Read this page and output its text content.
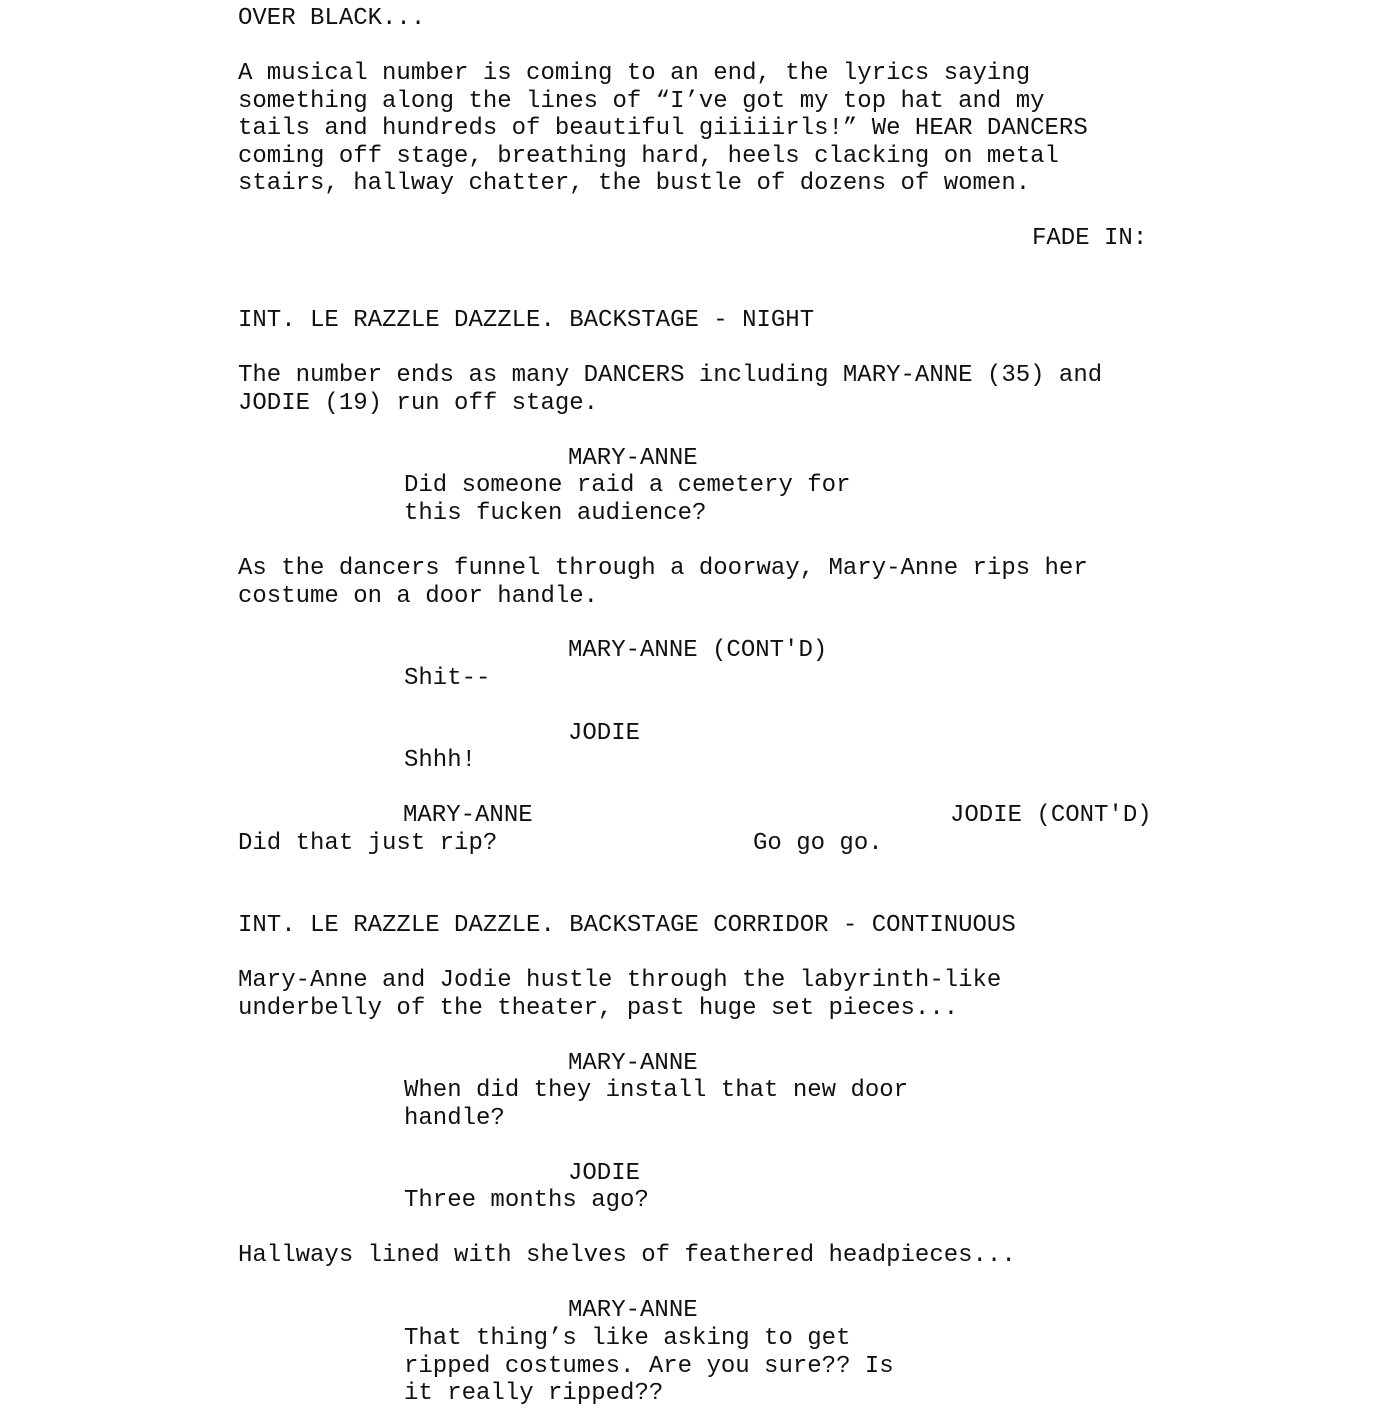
OVER BLACK...
A musical number is coming to an end, the lyrics saying
something along the lines of “I’ve got my top hat and my
tails and hundreds of beautiful giiiiirls!” We HEAR DANCERS
coming off stage, breathing hard, heels clacking on metal
stairs, hallway chatter, the bustle of dozens of women.
FADE IN:
INT. LE RAZZLE DAZZLE. BACKSTAGE - NIGHT
The number ends as many DANCERS including MARY-ANNE (35) and
JODIE (19) run off stage.
MARY-ANNE
Did someone raid a cemetery for
this fucken audience?
As the dancers funnel through a doorway, Mary-Anne rips her
costume on a door handle.
MARY-ANNE (CONT'D)
Shit--
JODIE
Shhh!
MARY-ANNE
Did that just rip?
JODIE (CONT'D)
Go go go.
INT. LE RAZZLE DAZZLE. BACKSTAGE CORRIDOR - CONTINUOUS
Mary-Anne and Jodie hustle through the labyrinth-like
underbelly of the theater, past huge set pieces...
MARY-ANNE
When did they install that new door
handle?
JODIE
Three months ago?
Hallways lined with shelves of feathered headpieces...
MARY-ANNE
That thing’s like asking to get
ripped costumes. Are you sure?? Is
it really ripped??
